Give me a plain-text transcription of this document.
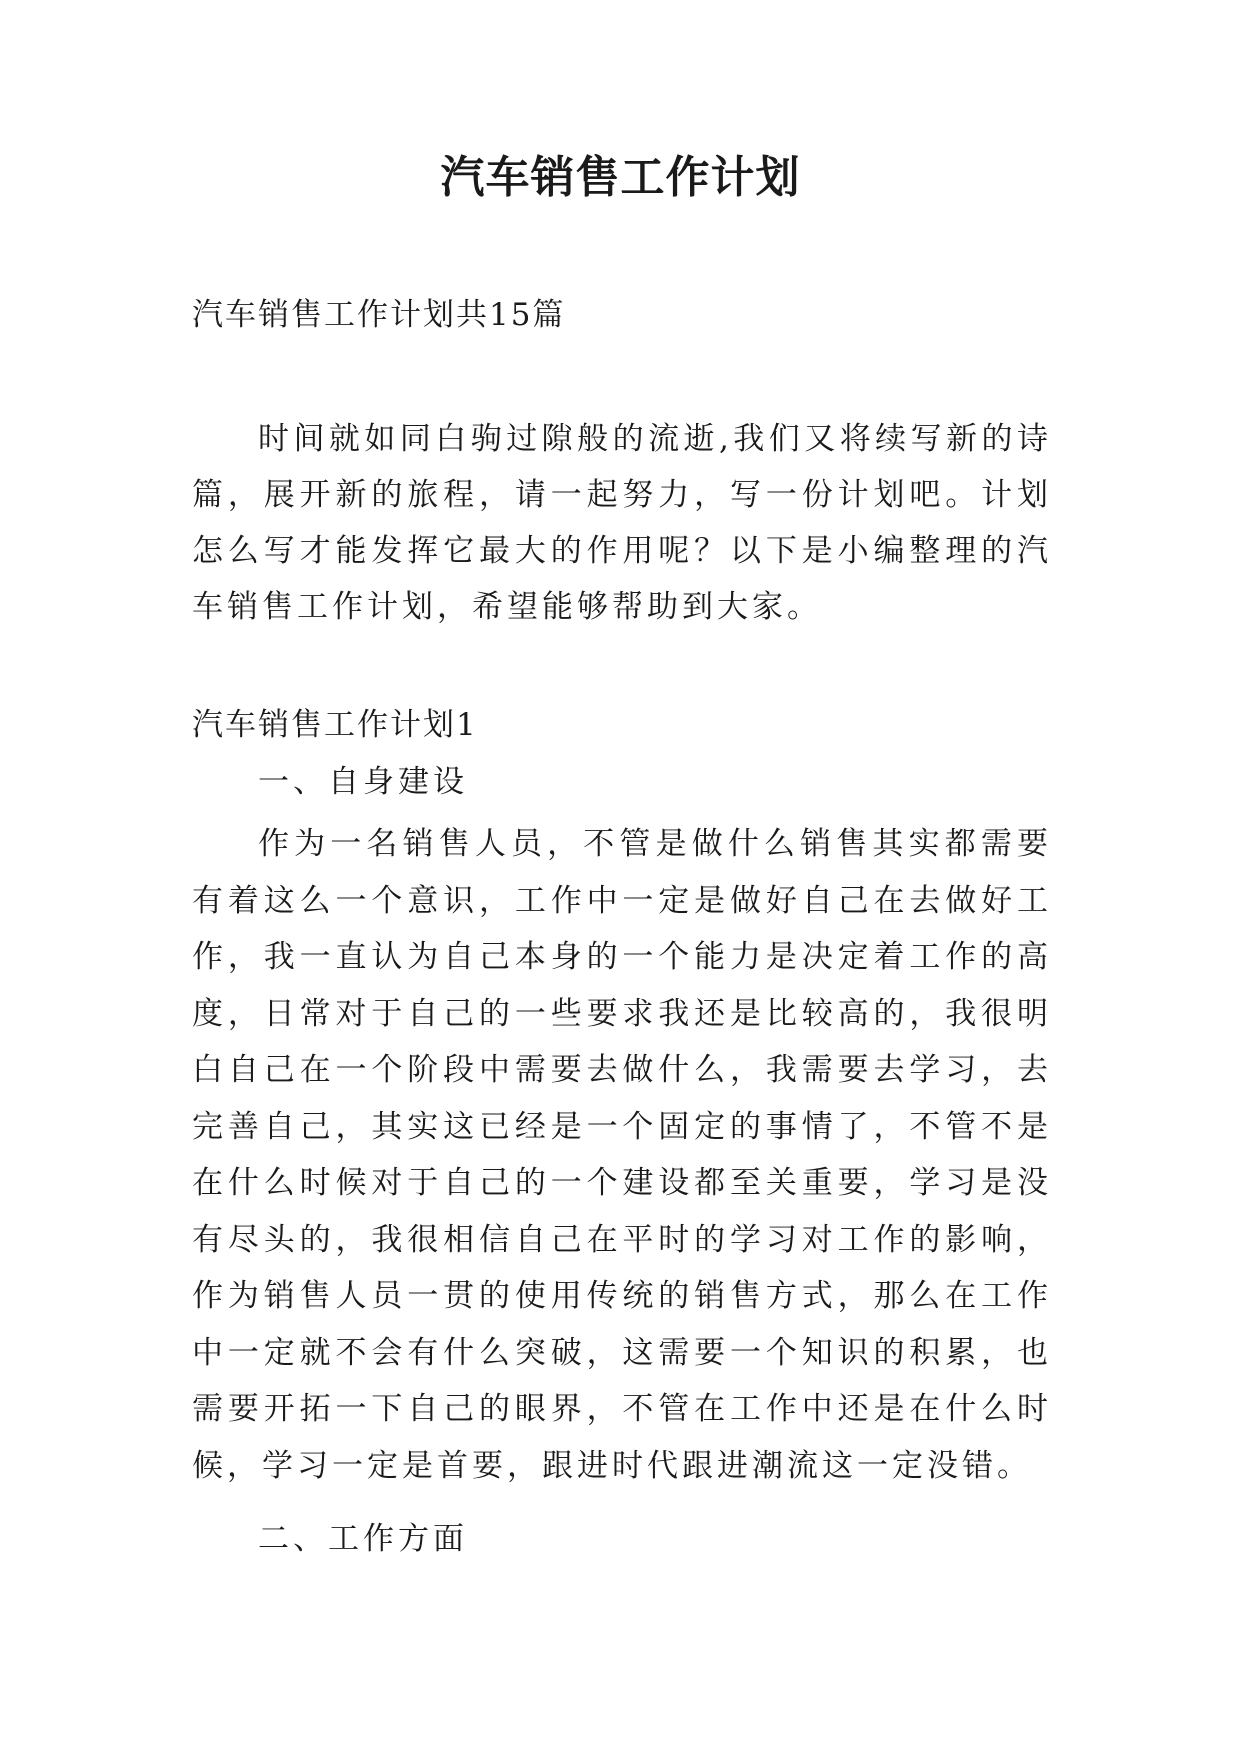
汽车销售工作计划
汽车销售工作计划共15篇

时间就如同白驹过隙般的流逝,我们又将续写新的诗篇，展开新的旅程，请一起努力，写一份计划吧。计划怎么写才能发挥它最大的作用呢？以下是小编整理的汽车销售工作计划，希望能够帮助到大家。

汽车销售工作计划1
一、自身建设

作为一名销售人员，不管是做什么销售其实都需要有着这么一个意识，工作中一定是做好自己在去做好工作，我一直认为自己本身的一个能力是决定着工作的高度，日常对于自己的一些要求我还是比较高的，我很明白自己在一个阶段中需要去做什么，我需要去学习，去完善自己，其实这已经是一个固定的事情了，不管不是在什么时候对于自己的一个建设都至关重要，学习是没有尽头的，我很相信自己在平时的学习对工作的影响，作为销售人员一贯的使用传统的销售方式，那么在工作中一定就不会有什么突破，这需要一个知识的积累，也需要开拓一下自己的眼界，不管在工作中还是在什么时候，学习一定是首要，跟进时代跟进潮流这一定没错。

二、工作方面
